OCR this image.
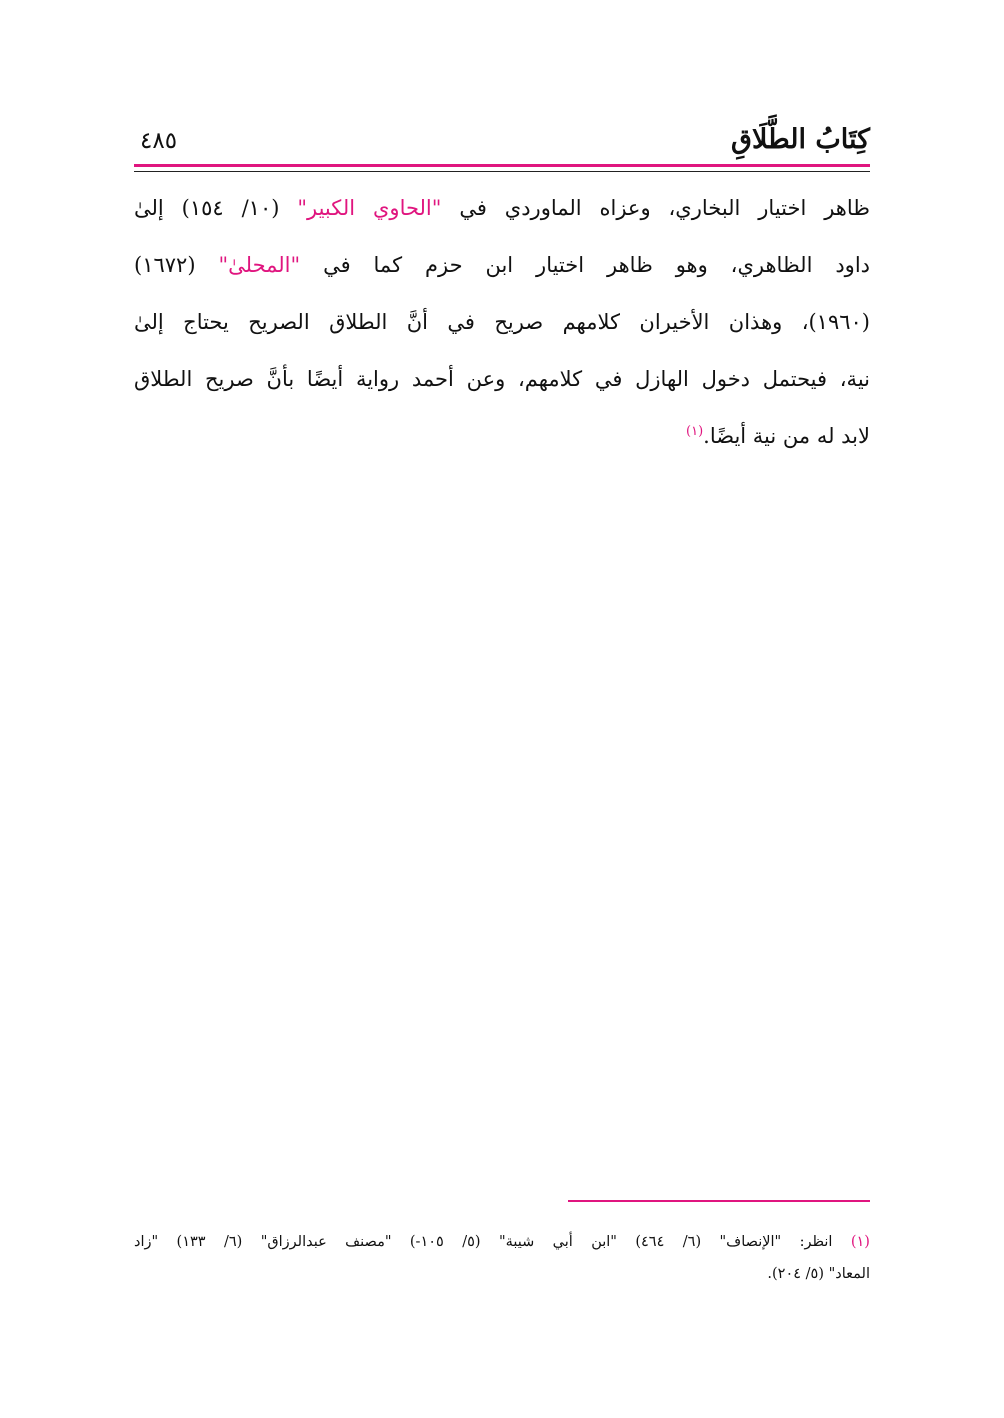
كِتَابُ الطَّلَاقِ
٤٨٥
ظاهر اختيار البخاري، وعزاه الماوردي في "الحاوي الكبير" (١٠/ ١٥٤) إلىٰ
داود الظاهري، وهو ظاهر اختيار ابن حزم كما في "المحلىٰ" (١٦٧٢)
(١٩٦٠)، وهذان الأخيران كلامهم صريح في أنَّ الطلاق الصريح يحتاج إلىٰ
نية، فيحتمل دخول الهازل في كلامهم، وعن أحمد رواية أيضًا بأنَّ صريح الطلاق
لابد له من نية أيضًا.$^{(١)}$
(١) انظر: "الإنصاف" (٦/ ٤٦٤) "ابن أبي شيبة" (٥/ ١٠٥-) "مصنف عبدالرزاق" (٦/ ١٣٣) "زاد
المعاد" (٥/ ٢٠٤).
